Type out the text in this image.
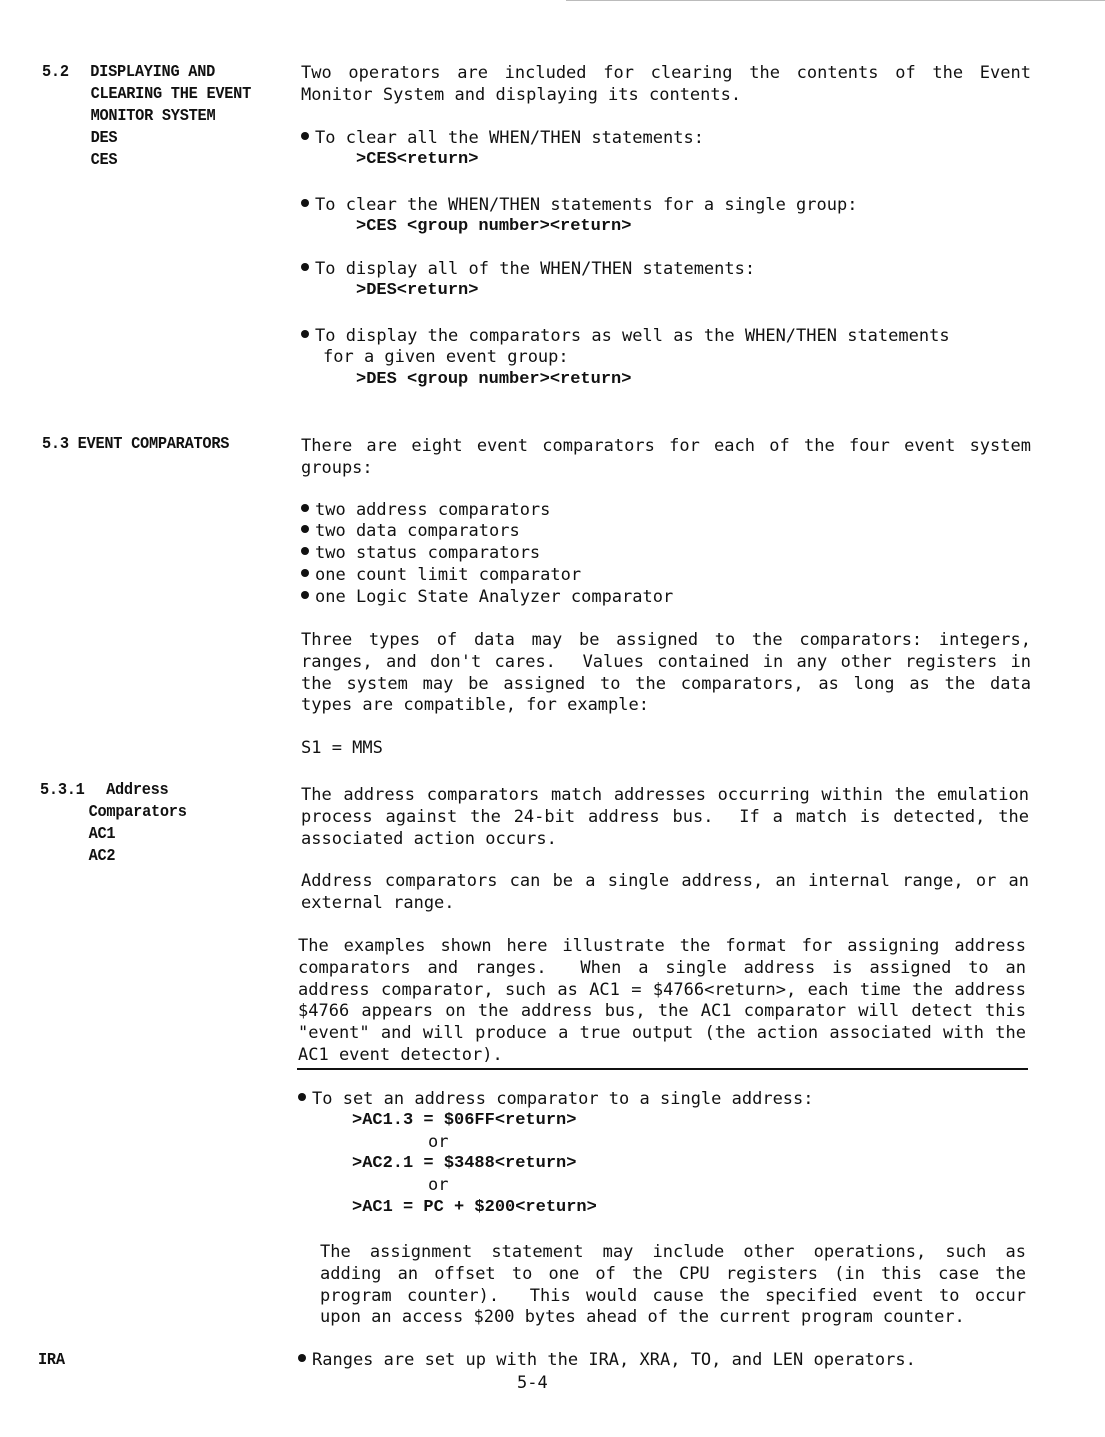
5.2 DISPLAYING AND
CLEARING THE EVENT
MONITOR SYSTEM
DES
CES
Two operators are included for clearing the contents of the Event Monitor System and displaying its contents.
To clear all the WHEN/THEN statements:
>CES<return>
To clear the WHEN/THEN statements for a single group:
>CES <group number><return>
To display all of the WHEN/THEN statements:
>DES<return>
To display the comparators as well as the WHEN/THEN statements
for a given event group:
>DES <group number><return>
5.3 EVENT COMPARATORS	There are eight event comparators for each of the four event system groups:
two address comparators
two data comparators
two status comparators
one count limit comparator
one Logic State Analyzer comparator
Three types of data may be assigned to the comparators: integers, ranges, and don't cares.  Values contained in any other registers in the system may be assigned to the comparators, as long as the data types are compatible, for example:
S1 = MMS
5.3.1 Address
Comparators
AC1
AC2
The address comparators match addresses occurring within the emulation process against the 24-bit address bus.  If a match is detected, the associated action occurs.
Address comparators can be a single address, an internal range, or an external range.
The examples shown here illustrate the format for assigning address comparators and ranges.  When a single address is assigned to an address comparator, such as AC1 = $4766<return>, each time the address $4766 appears on the address bus, the AC1 comparator will detect this "event" and will produce a true output (the action associated with the AC1 event detector).
To set an address comparator to a single address:
>AC1.3 = $06FF<return>
or
>AC2.1 = $3488<return>
or
>AC1 = PC + $200<return>
The assignment statement may include other operations, such as adding an offset to one of the CPU registers (in this case the program counter).  This would cause the specified event to occur upon an access $200 bytes ahead of the current program counter.
IRA	Ranges are set up with the IRA, XRA, TO, and LEN operators.
5-4
